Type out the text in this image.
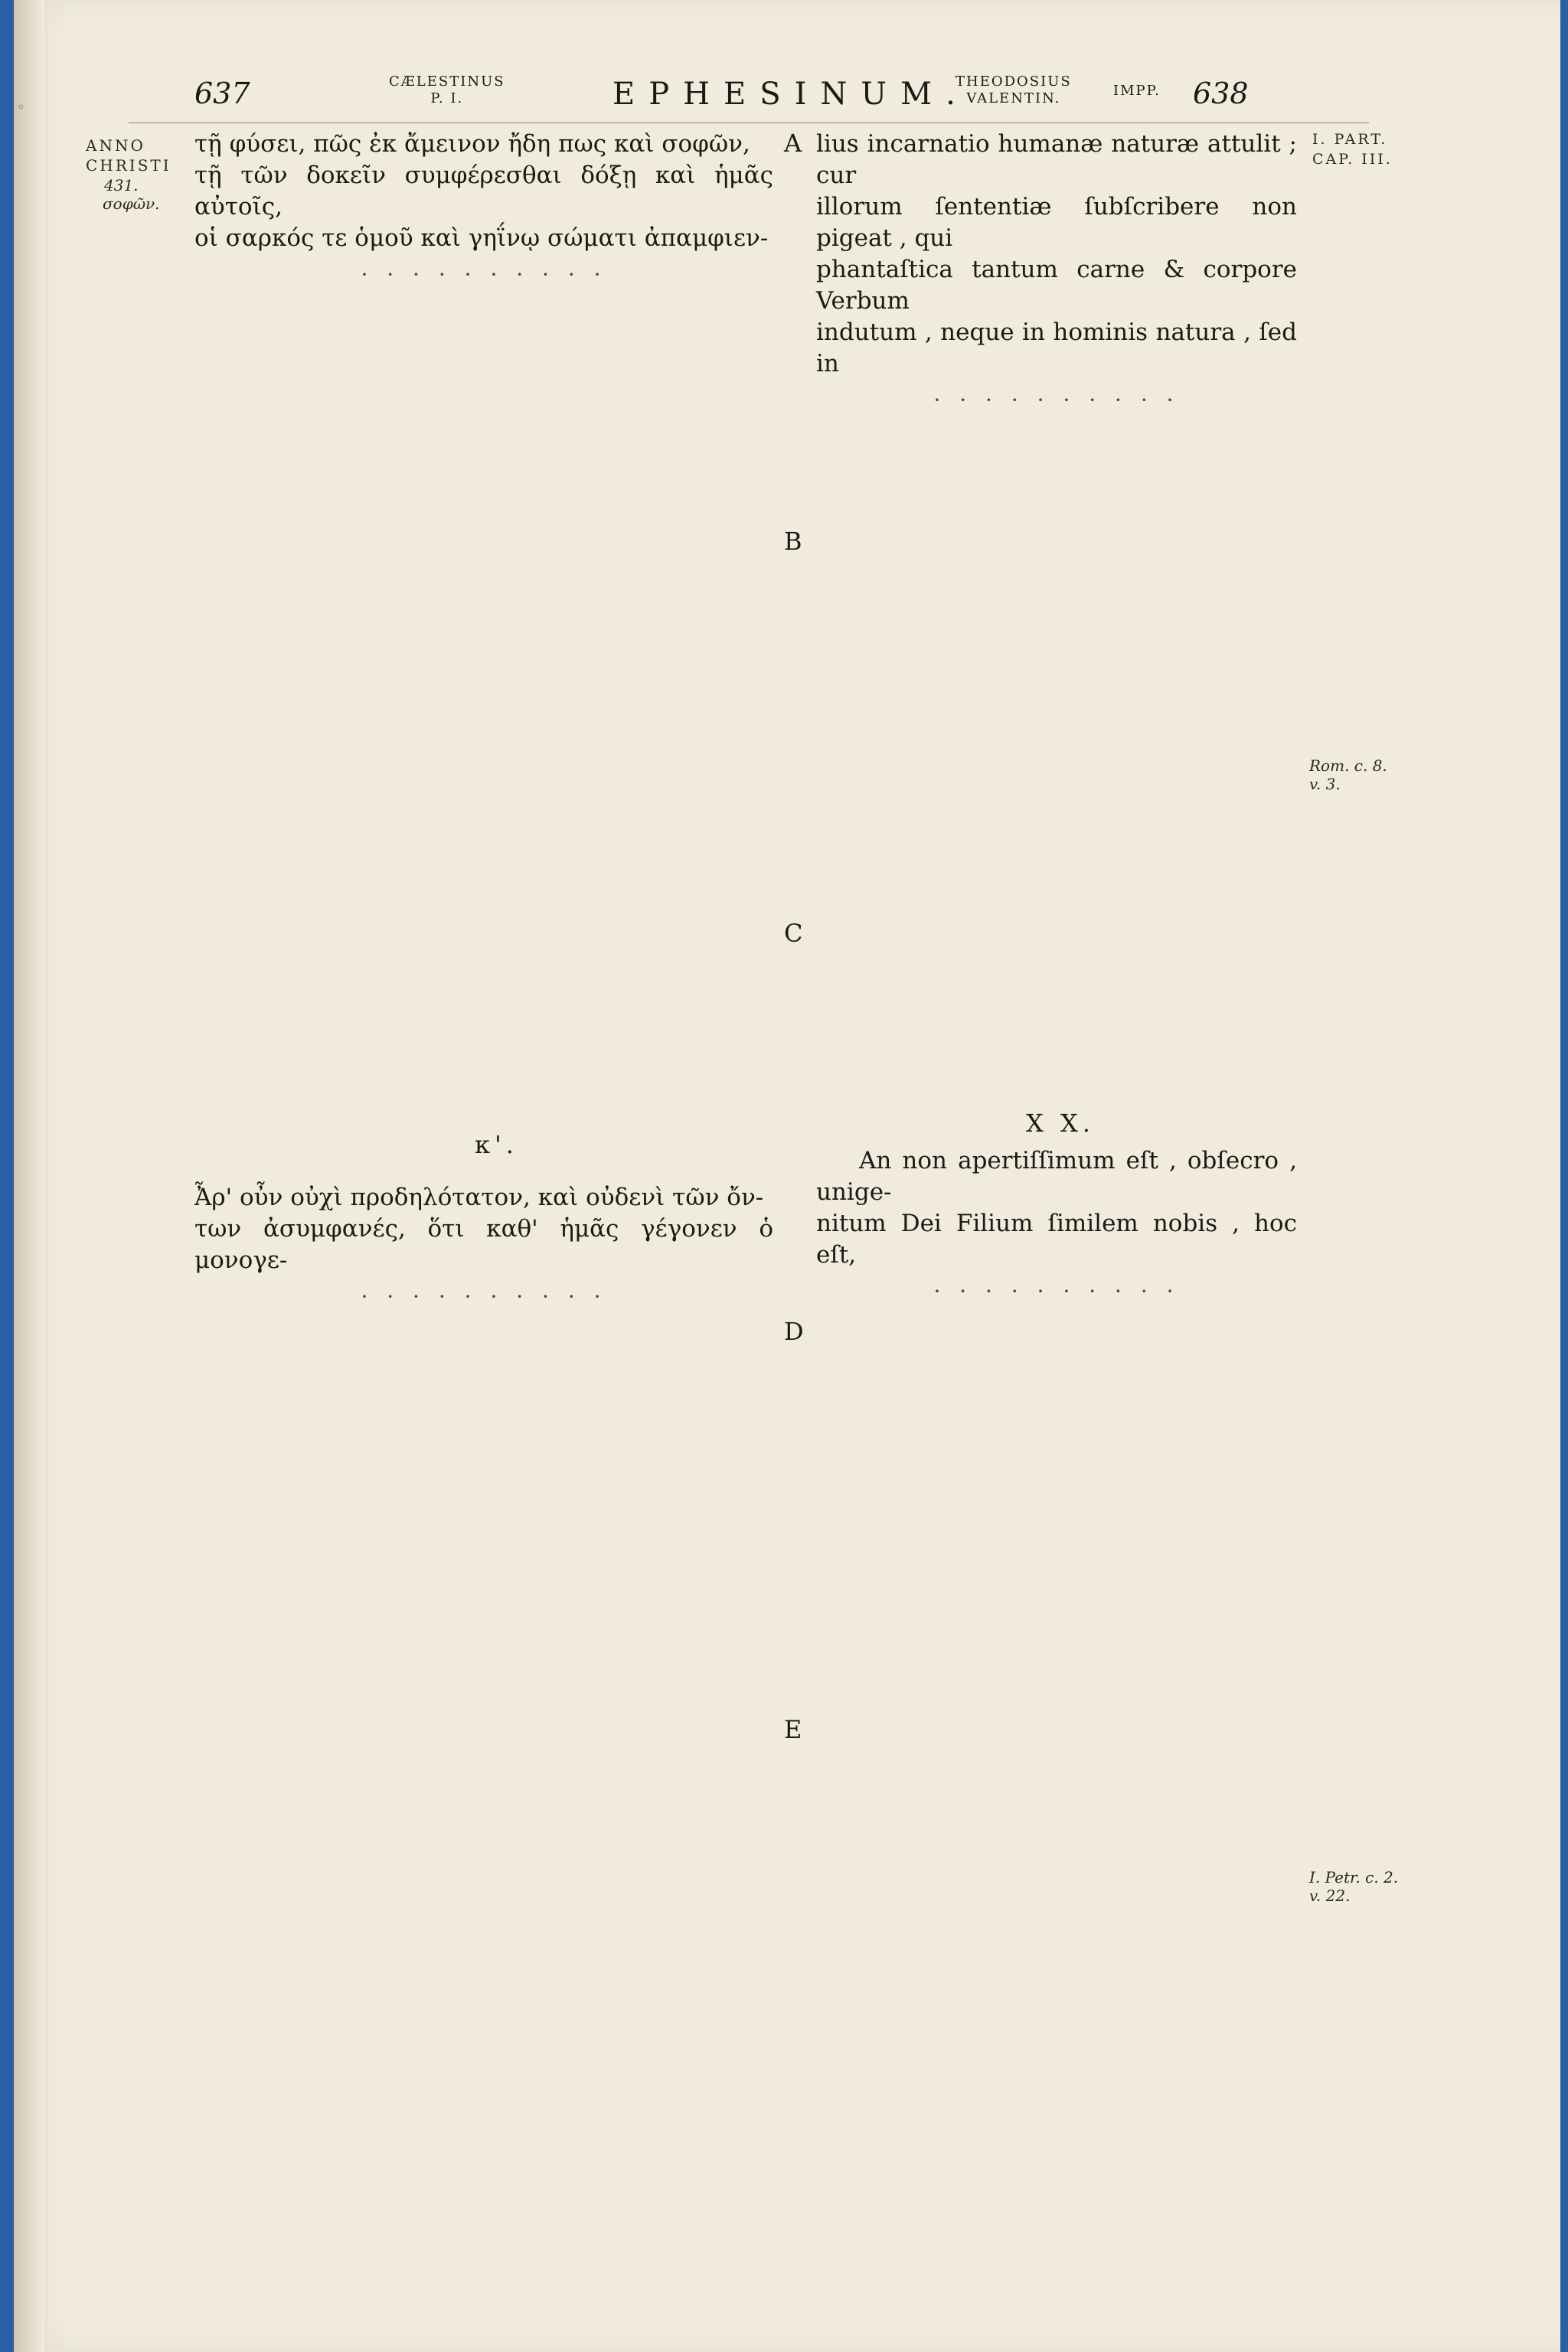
◦	637	CÆLESTINUS
P. I.	EPHESINUM.
THEODOSIUS
VALENTIN.	IMPP. 638
ANNO
CHRISTI
431.
σοφῶν.
I. PART.
CAP. III.
Rom. c. 8. v. 3.
I. Petr. c. 2. v. 22.
A
B
C
D
E

τῇ φύσει, πῶς ἐκ ἄμεινον ἤδη πως καὶ σοφῶν,

τῇ τῶν δοκεῖν συμφέρεσθαι δόξῃ καὶ ἡμᾶς αὐτοῖς,

οἱ σαρκός τε ὁμοῦ καὶ γηΐνῳ σώματι ἀπαμφιεν-

· · · · · · · · · ·
κ'.

Ἆρ' οὖν οὐχὶ προδηλότατον, καὶ οὐδενὶ τῶν ὄν-

των ἀσυμφανές, ὅτι καθ' ἡμᾶς γέγονεν ὁ μονογε-

· · · · · · · · · ·

lius incarnatio humanæ naturæ attulit ; cur

illorum ſententiæ ſubſcribere non pigeat , qui

phantaſtica tantum carne & corpore Verbum

indutum , neque in hominis natura , ſed in

· · · · · · · · · ·
X X.

An non apertiſſimum eſt , obſecro , unige-

nitum Dei Filium ſimilem nobis , hoc eſt,

· · · · · · · · · ·
